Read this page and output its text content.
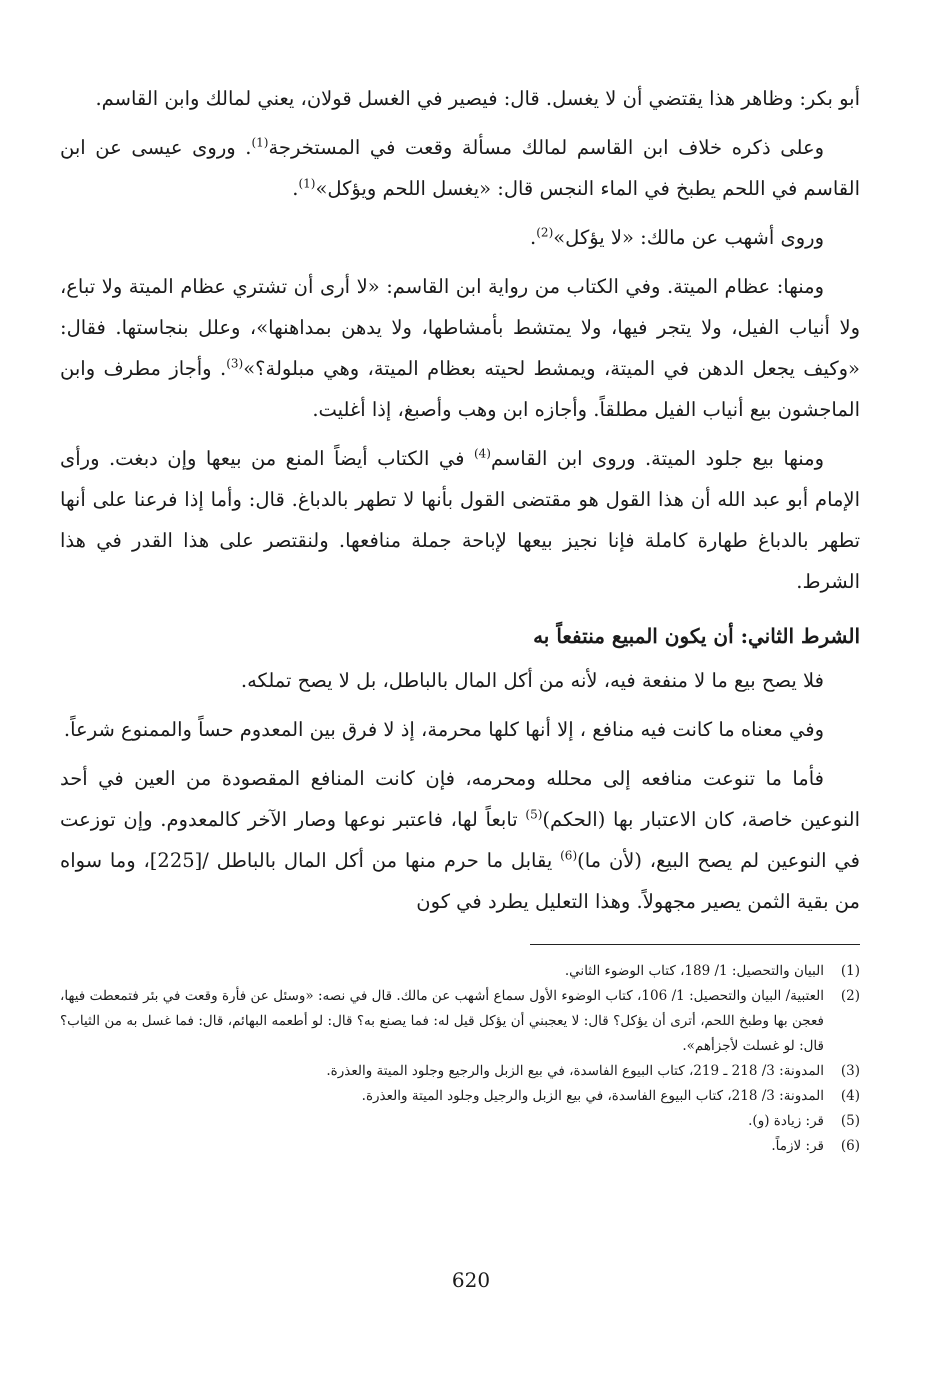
أبو بكر: وظاهر هذا يقتضي أن لا يغسل. قال: فيصير في الغسل قولان، يعني لمالك وابن القاسم.

وعلى ذكره خلاف ابن القاسم لمالك مسألة وقعت في المستخرجة$^{(1)}$. وروى عيسى عن ابن القاسم في اللحم يطبخ في الماء النجس قال: «يغسل اللحم ويؤكل»$^{(1)}$.

وروى أشهب عن مالك: «لا يؤكل»$^{(2)}$.

ومنها: عظام الميتة. وفي الكتاب من رواية ابن القاسم: «لا أرى أن تشتري عظام الميتة ولا تباع، ولا أنياب الفيل، ولا يتجر فيها، ولا يمتشط بأمشاطها، ولا يدهن بمداهنها»، وعلل بنجاستها. فقال: «وكيف يجعل الدهن في الميتة، ويمشط لحيته بعظام الميتة، وهي مبلولة؟»$^{(3)}$. وأجاز مطرف وابن الماجشون بيع أنياب الفيل مطلقاً. وأجازه ابن وهب وأصبغ، إذا أغليت.

ومنها بيع جلود الميتة. وروى ابن القاسم$^{(4)}$ في الكتاب أيضاً المنع من بيعها وإن دبغت. ورأى الإمام أبو عبد الله أن هذا القول هو مقتضى القول بأنها لا تطهر بالدباغ. قال: وأما إذا فرعنا على أنها تطهر بالدباغ طهارة كاملة فإنا نجيز بيعها لإباحة جملة منافعها. ولنقتصر على هذا القدر في هذا الشرط.

الشرط الثاني: أن يكون المبيع منتفعاً به

فلا يصح بيع ما لا منفعة فيه، لأنه من أكل المال بالباطل، بل لا يصح تملكه.

وفي معناه ما كانت فيه منافع ، إلا أنها كلها محرمة، إذ لا فرق بين المعدوم حساً والممنوع شرعاً.

فأما ما تنوعت منافعه إلى محلله ومحرمه، فإن كانت المنافع المقصودة من العين في أحد النوعين خاصة، كان الاعتبار بها (الحكم)$^{(5)}$ تابعاً لها، فاعتبر نوعها وصار الآخر كالمعدوم. وإن توزعت في النوعين لم يصح البيع، (لأن ما)$^{(6)}$ يقابل ما حرم منها من أكل المال بالباطل /[225]، وما سواه من بقية الثمن يصير مجهولاً. وهذا التعليل يطرد في كون

(1)
البيان والتحصيل: 1/ 189، كتاب الوضوء الثاني.
(2)
العتبية/ البيان والتحصيل: 1/ 106، كتاب الوضوء الأول سماع أشهب عن مالك. قال في نصه: «وسئل عن فأرة وقعت في بئر فتمعطت فيها، فعجن بها وطبخ اللحم، أترى أن يؤكل؟ قال: لا يعجبني أن يؤكل قيل له: فما يصنع به؟ قال: لو أطعمه البهائم، قال: فما غسل به من الثياب؟ قال: لو غسلت لأجزأهم».
(3)
المدونة: 3/ 218 ـ 219، كتاب البيوع الفاسدة، في بيع الزبل والرجيع وجلود الميتة والعذرة.
(4)
المدونة: 3/ 218، كتاب البيوع الفاسدة، في بيع الزبل والرجيل وجلود الميتة والعذرة.
(5)
قر: زيادة (و).
(6)
قر: لازماً.
620
